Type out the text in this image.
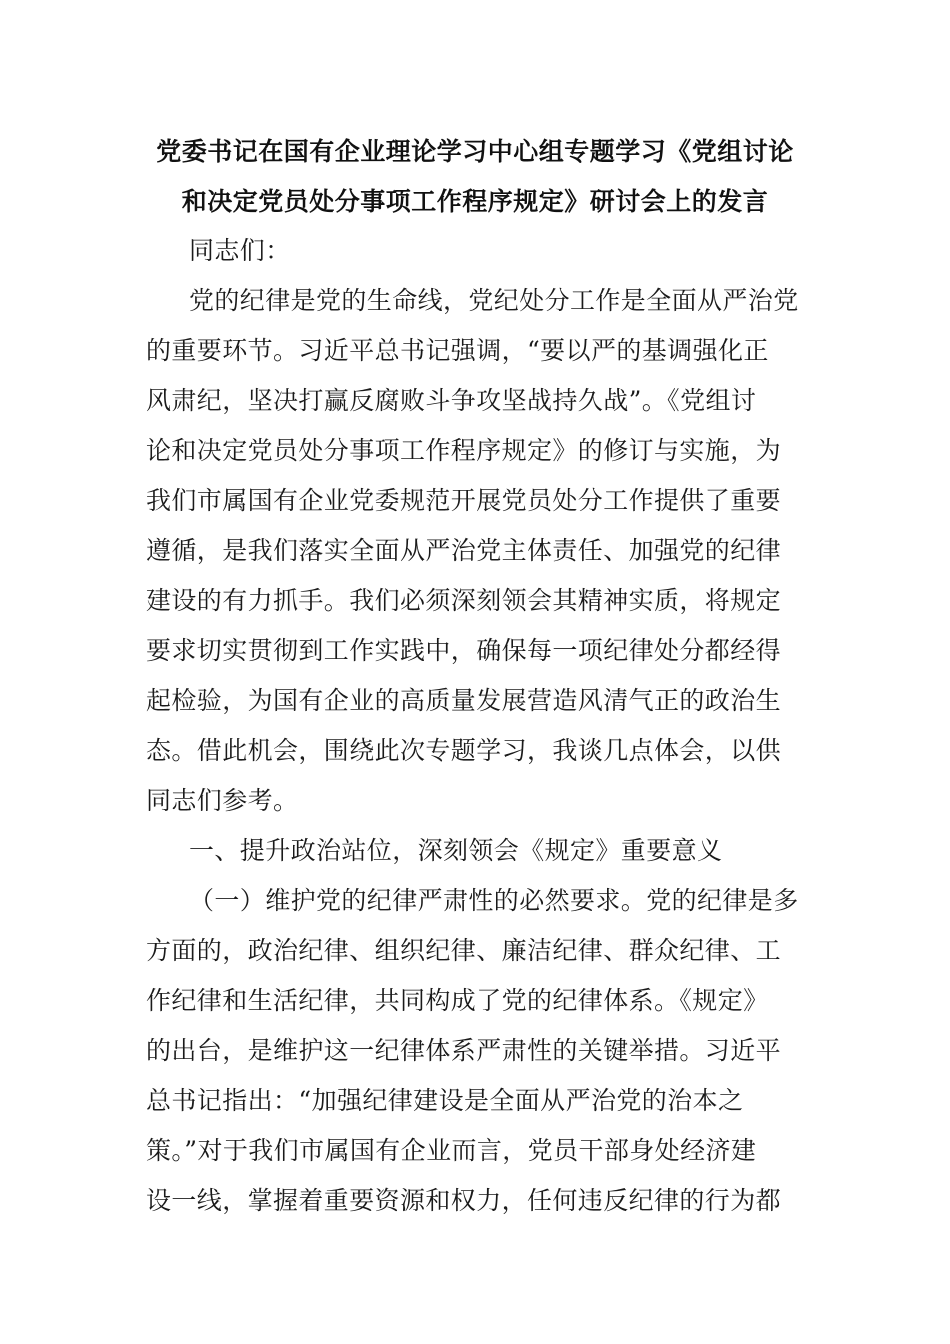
党委书记在国有企业理论学习中心组专题学习《党组讨论
和决定党员处分事项工作程序规定》研讨会上的发言
同志们：
党的纪律是党的生命线，党纪处分工作是全面从严治党
的重要环节。习近平总书记强调，“要以严的基调强化正
风肃纪，坚决打赢反腐败斗争攻坚战持久战”。《党组讨
论和决定党员处分事项工作程序规定》的修订与实施，为
我们市属国有企业党委规范开展党员处分工作提供了重要
遵循，是我们落实全面从严治党主体责任、加强党的纪律
建设的有力抓手。我们必须深刻领会其精神实质，将规定
要求切实贯彻到工作实践中，确保每一项纪律处分都经得
起检验，为国有企业的高质量发展营造风清气正的政治生
态。借此机会，围绕此次专题学习，我谈几点体会，以供
同志们参考。
一、提升政治站位，深刻领会《规定》重要意义
（一）维护党的纪律严肃性的必然要求。党的纪律是多
方面的，政治纪律、组织纪律、廉洁纪律、群众纪律、工
作纪律和生活纪律，共同构成了党的纪律体系。《规定》
的出台，是维护这一纪律体系严肃性的关键举措。习近平
总书记指出：“加强纪律建设是全面从严治党的治本之
策。”对于我们市属国有企业而言，党员干部身处经济建
设一线，掌握着重要资源和权力，任何违反纪律的行为都
